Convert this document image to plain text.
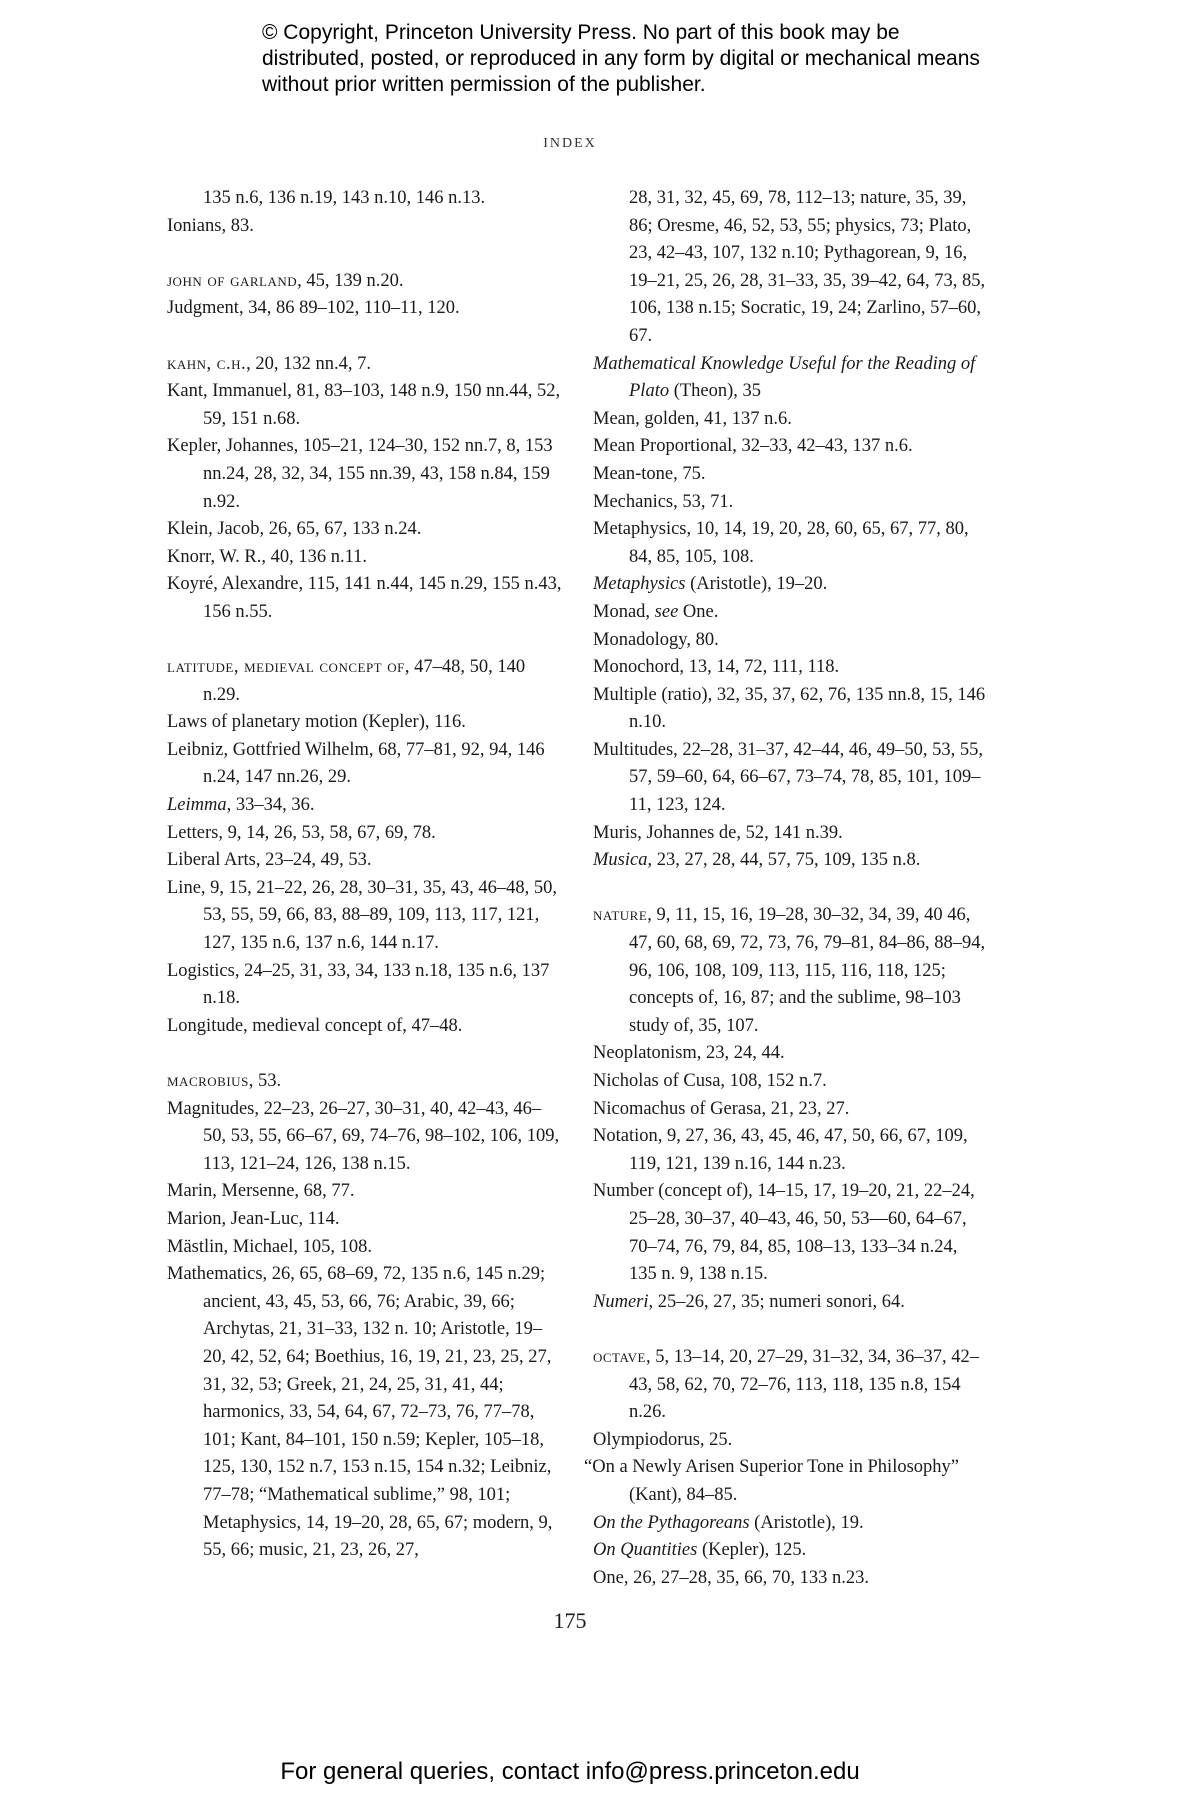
© Copyright, Princeton University Press. No part of this book may be distributed, posted, or reproduced in any form by digital or mechanical means without prior written permission of the publisher.
INDEX
135 n.6, 136 n.19, 143 n.10, 146 n.13.
Ionians, 83.
john of garland, 45, 139 n.20.
Judgment, 34, 86 89–102, 110–11, 120.
kahn, c.h., 20, 132 nn.4, 7.
Kant, Immanuel, 81, 83–103, 148 n.9, 150 nn.44, 52, 59, 151 n.68.
Kepler, Johannes, 105–21, 124–30, 152 nn.7, 8, 153 nn.24, 28, 32, 34, 155 nn.39, 43, 158 n.84, 159 n.92.
Klein, Jacob, 26, 65, 67, 133 n.24.
Knorr, W. R., 40, 136 n.11.
Koyré, Alexandre, 115, 141 n.44, 145 n.29, 155 n.43, 156 n.55.
latitude, medieval concept of, 47–48, 50, 140 n.29.
Laws of planetary motion (Kepler), 116.
Leibniz, Gottfried Wilhelm, 68, 77–81, 92, 94, 146 n.24, 147 nn.26, 29.
Leimma, 33–34, 36.
Letters, 9, 14, 26, 53, 58, 67, 69, 78.
Liberal Arts, 23–24, 49, 53.
Line, 9, 15, 21–22, 26, 28, 30–31, 35, 43, 46–48, 50, 53, 55, 59, 66, 83, 88–89, 109, 113, 117, 121, 127, 135 n.6, 137 n.6, 144 n.17.
Logistics, 24–25, 31, 33, 34, 133 n.18, 135 n.6, 137 n.18.
Longitude, medieval concept of, 47–48.
macrobius, 53.
Magnitudes, 22–23, 26–27, 30–31, 40, 42–43, 46–50, 53, 55, 66–67, 69, 74–76, 98–102, 106, 109, 113, 121–24, 126, 138 n.15.
Marin, Mersenne, 68, 77.
Marion, Jean-Luc, 114.
Mästlin, Michael, 105, 108.
Mathematics, 26, 65, 68–69, 72, 135 n.6, 145 n.29; ancient, 43, 45, 53, 66, 76; Arabic, 39, 66; Archytas, 21, 31–33, 132 n. 10; Aristotle, 19–20, 42, 52, 64; Boethius, 16, 19, 21, 23, 25, 27, 31, 32, 53; Greek, 21, 24, 25, 31, 41, 44; harmonics, 33, 54, 64, 67, 72–73, 76, 77–78, 101; Kant, 84–101, 150 n.59; Kepler, 105–18, 125, 130, 152 n.7, 153 n.15, 154 n.32; Leibniz, 77–78; “Mathematical sublime,” 98, 101; Metaphysics, 14, 19–20, 28, 65, 67; modern, 9, 55, 66; music, 21, 23, 26, 27,
28, 31, 32, 45, 69, 78, 112–13; nature, 35, 39, 86; Oresme, 46, 52, 53, 55; physics, 73; Plato, 23, 42–43, 107, 132 n.10; Pythagorean, 9, 16, 19–21, 25, 26, 28, 31–33, 35, 39–42, 64, 73, 85, 106, 138 n.15; Socratic, 19, 24; Zarlino, 57–60, 67.
Mathematical Knowledge Useful for the Reading of Plato (Theon), 35
Mean, golden, 41, 137 n.6.
Mean Proportional, 32–33, 42–43, 137 n.6.
Mean-tone, 75.
Mechanics, 53, 71.
Metaphysics, 10, 14, 19, 20, 28, 60, 65, 67, 77, 80, 84, 85, 105, 108.
Metaphysics (Aristotle), 19–20.
Monad, see One.
Monadology, 80.
Monochord, 13, 14, 72, 111, 118.
Multiple (ratio), 32, 35, 37, 62, 76, 135 nn.8, 15, 146 n.10.
Multitudes, 22–28, 31–37, 42–44, 46, 49–50, 53, 55, 57, 59–60, 64, 66–67, 73–74, 78, 85, 101, 109–11, 123, 124.
Muris, Johannes de, 52, 141 n.39.
Musica, 23, 27, 28, 44, 57, 75, 109, 135 n.8.
nature, 9, 11, 15, 16, 19–28, 30–32, 34, 39, 40 46, 47, 60, 68, 69, 72, 73, 76, 79–81, 84–86, 88–94, 96, 106, 108, 109, 113, 115, 116, 118, 125; concepts of, 16, 87; and the sublime, 98–103 study of, 35, 107.
Neoplatonism, 23, 24, 44.
Nicholas of Cusa, 108, 152 n.7.
Nicomachus of Gerasa, 21, 23, 27.
Notation, 9, 27, 36, 43, 45, 46, 47, 50, 66, 67, 109, 119, 121, 139 n.16, 144 n.23.
Number (concept of), 14–15, 17, 19–20, 21, 22–24, 25–28, 30–37, 40–43, 46, 50, 53—60, 64–67, 70–74, 76, 79, 84, 85, 108–13, 133–34 n.24, 135 n. 9, 138 n.15.
Numeri, 25–26, 27, 35; numeri sonori, 64.
octave, 5, 13–14, 20, 27–29, 31–32, 34, 36–37, 42–43, 58, 62, 70, 72–76, 113, 118, 135 n.8, 154 n.26.
Olympiodorus, 25.
“On a Newly Arisen Superior Tone in Philosophy” (Kant), 84–85.
On the Pythagoreans (Aristotle), 19.
On Quantities (Kepler), 125.
One, 26, 27–28, 35, 66, 70, 133 n.23.
175
For general queries, contact info@press.princeton.edu
